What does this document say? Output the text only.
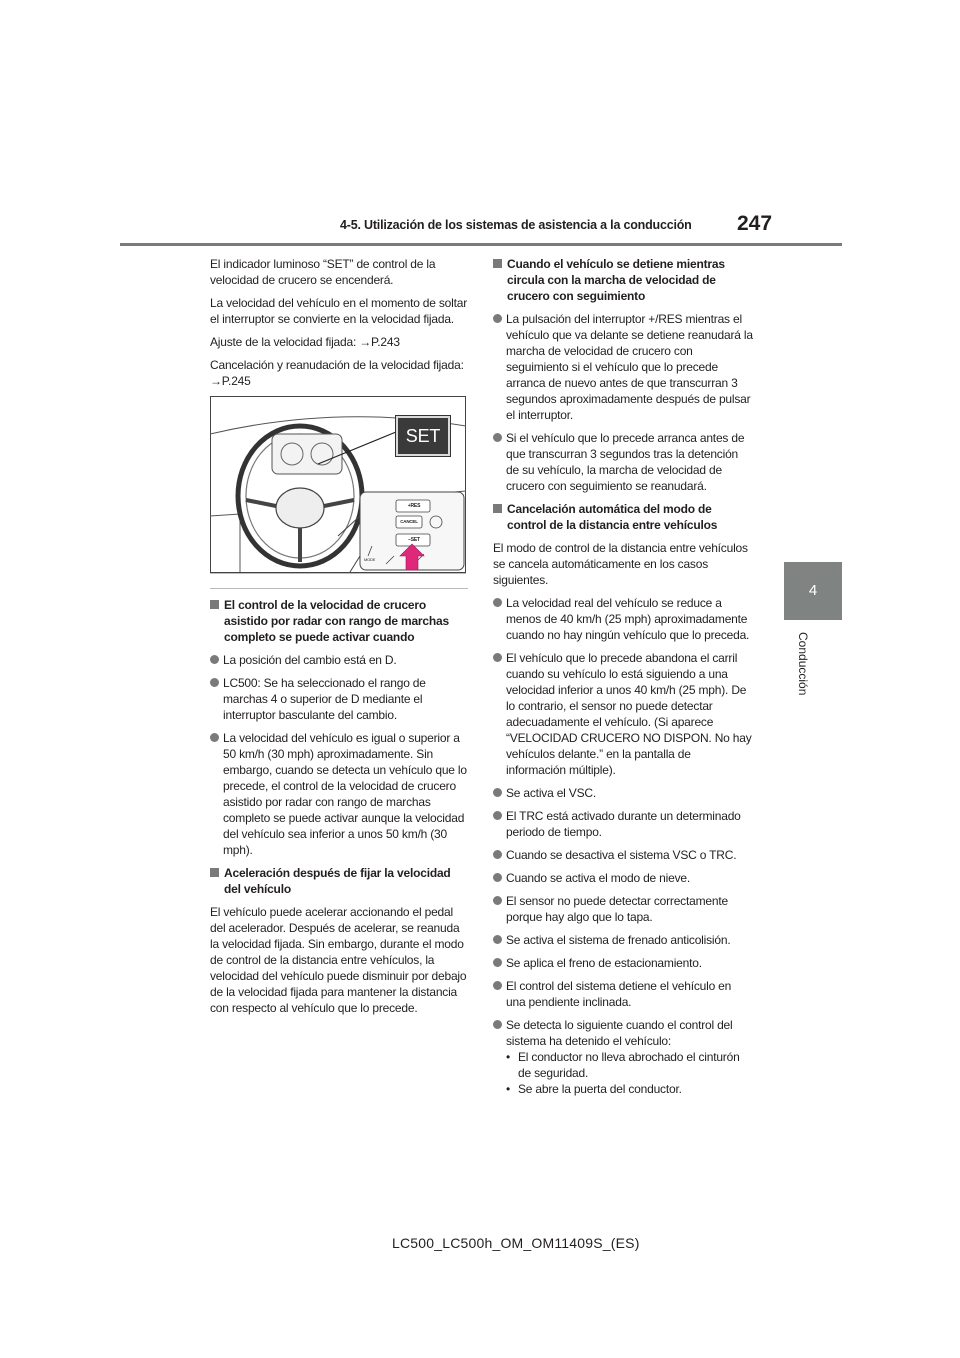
4-5. Utilización de los sistemas de asistencia a la conducción 247
4
Conducción

El indicador luminoso “SET” de control de la velocidad de crucero se encenderá.

La velocidad del vehículo en el momento de soltar el interruptor se convierte en la velocidad fijada.

Ajuste de la velocidad fijada: →P.243

Cancelación y reanudación de la velocidad fijada: →P.245

SET
+RES
CANCEL
−SET
MODE
El control de la velocidad de crucero asistido por radar con rango de marchas completo se puede activar cuando
La posición del cambio está en D.
LC500: Se ha seleccionado el rango de marchas 4 o superior de D mediante el interruptor basculante del cambio.
La velocidad del vehículo es igual o superior a 50 km/h (30 mph) aproximadamente. Sin embargo, cuando se detecta un vehículo que lo precede, el control de la velocidad de crucero asistido por radar con rango de marchas completo se puede activar aunque la velocidad del vehículo sea inferior a unos 50 km/h (30 mph).
Aceleración después de fijar la velocidad del vehículo

El vehículo puede acelerar accionando el pedal del acelerador. Después de acelerar, se reanuda la velocidad fijada. Sin embargo, durante el modo de control de la distancia entre vehículos, la velocidad del vehículo puede disminuir por debajo de la velocidad fijada para mantener la distancia con respecto al vehículo que lo precede.

Cuando el vehículo se detiene mientras circula con la marcha de velocidad de crucero con seguimiento
La pulsación del interruptor +/RES mientras el vehículo que va delante se detiene reanudará la marcha de velocidad de crucero con seguimiento si el vehículo que lo precede arranca de nuevo antes de que transcurran 3 segundos aproximadamente después de pulsar el interruptor.
Si el vehículo que lo precede arranca antes de que transcurran 3 segundos tras la detención de su vehículo, la marcha de velocidad de crucero con seguimiento se reanudará.
Cancelación automática del modo de control de la distancia entre vehículos

El modo de control de la distancia entre vehículos se cancela automáticamente en los casos siguientes.

La velocidad real del vehículo se reduce a menos de 40 km/h (25 mph) aproximadamente cuando no hay ningún vehículo que lo preceda.
El vehículo que lo precede abandona el carril cuando su vehículo lo está siguiendo a una velocidad inferior a unos 40 km/h (25 mph). De lo contrario, el sensor no puede detectar adecuadamente el vehículo. (Si aparece “VELOCIDAD CRUCERO NO DISPON. No hay vehículos delante.” en la pantalla de información múltiple).
Se activa el VSC.
El TRC está activado durante un determinado periodo de tiempo.
Cuando se desactiva el sistema VSC o TRC.
Cuando se activa el modo de nieve.
El sensor no puede detectar correctamente porque hay algo que lo tapa.
Se activa el sistema de frenado anticolisión.
Se aplica el freno de estacionamiento.
El control del sistema detiene el vehículo en una pendiente inclinada.
Se detecta lo siguiente cuando el control del sistema ha detenido el vehículo:
• El conductor no lleva abrochado el cinturón de seguridad.
• Se abre la puerta del conductor.
LC500_LC500h_OM_OM11409S_(ES)
